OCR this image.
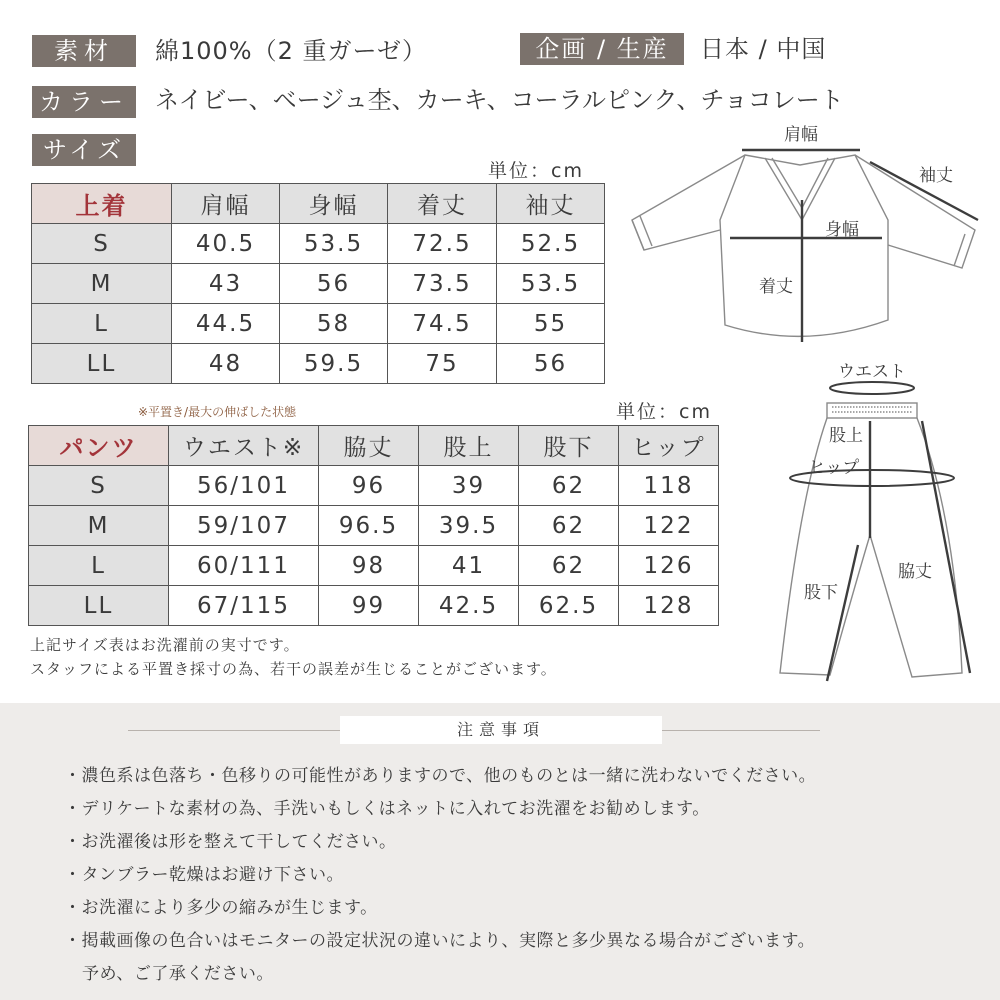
素材	綿100%（2 重ガーゼ）	企画 / 生産	日本 / 中国
カラー ネイビー、ベージュ杢、カーキ、コーラルピンク、チョコレート
サイズ
単位：cm
上着	肩幅	身幅	着丈	袖丈
S	40.5	53.5	72.5	52.5
M	43	56	73.5	53.5
L	44.5	58	74.5	55
LL	48	59.5	75	56
※平置き/最大の伸ばした状態	単位：cm
パンツ	ウエスト※	脇丈	股上	股下	ヒップ
S	56/101	96	39	62	118
M	59/107	96.5	39.5	62	122
L	60/111	98	41	62	126
LL	67/115	99	42.5	62.5	128
上記サイズ表はお洗濯前の実寸です。
スタッフによる平置き採寸の為、若干の誤差が生じることがございます。
肩幅
袖丈
身幅
着丈
ウエスト
股上
ヒップ
股下
脇丈
注意事項
・濃色系は色落ち・色移りの可能性がありますので、他のものとは一緒に洗わないでください。
・デリケートな素材の為、手洗いもしくはネットに入れてお洗濯をお勧めします。
・お洗濯後は形を整えて干してください。
・タンブラー乾燥はお避け下さい。
・お洗濯により多少の縮みが生じます。
・掲載画像の色合いはモニターの設定状況の違いにより、実際と多少異なる場合がございます。
予め、ご了承ください。
